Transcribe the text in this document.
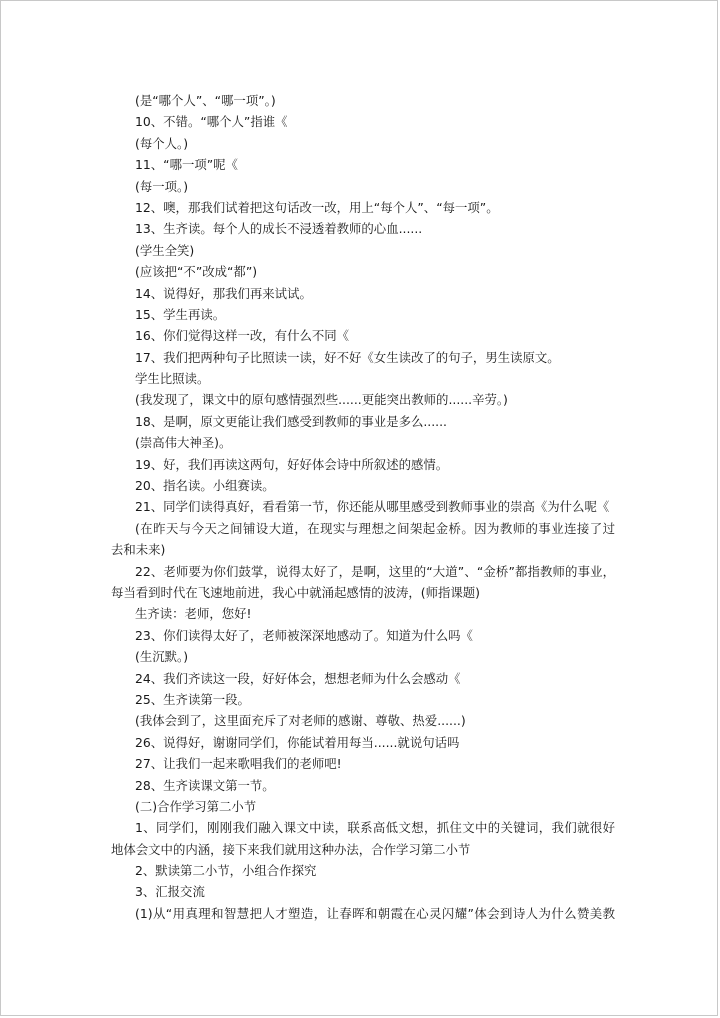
(是“哪个人”、“哪一项”。)
10、不错。“哪个人”指谁《
(每个人。)
11、“哪一项”呢《
(每一项。)
12、噢，那我们试着把这句话改一改，用上“每个人”、“每一项”。
13、生齐读。每个人的成长不浸透着教师的心血......
(学生全笑)
(应该把“不”改成“都”)
14、说得好，那我们再来试试。
15、学生再读。
16、你们觉得这样一改，有什么不同《
17、我们把两种句子比照读一读，好不好《女生读改了的句子，男生读原文。
学生比照读。
(我发现了，课文中的原句感情强烈些......更能突出教师的......辛劳。)
18、是啊，原文更能让我们感受到教师的事业是多么......
(崇高伟大神圣)。
19、好，我们再读这两句，好好体会诗中所叙述的感情。
20、指名读。小组赛读。
21、同学们读得真好，看看第一节，你还能从哪里感受到教师事业的崇高《为什么呢《
(在昨天与今天之间铺设大道，在现实与理想之间架起金桥。因为教师的事业连接了过
去和未来)
22、老师要为你们鼓掌，说得太好了，是啊，这里的“大道”、“金桥”都指教师的事业，
每当看到时代在飞速地前进，我心中就涌起感情的波涛，(师指课题)
生齐读：老师，您好!
23、你们读得太好了，老师被深深地感动了。知道为什么吗《
(生沉默。)
24、我们齐读这一段，好好体会，想想老师为什么会感动《
25、生齐读第一段。
(我体会到了，这里面充斥了对老师的感谢、尊敬、热爱......)
26、说得好，谢谢同学们，你能试着用每当......就说句话吗
27、让我们一起来歌唱我们的老师吧!
28、生齐读课文第一节。
(二)合作学习第二小节
1、同学们，刚刚我们融入课文中读，联系高低文想，抓住文中的关键词，我们就很好
地体会文中的内涵，接下来我们就用这种办法，合作学习第二小节
2、默读第二小节，小组合作探究
3、汇报交流
(1)从“用真理和智慧把人才塑造，让春晖和朝霞在心灵闪耀”体会到诗人为什么赞美教
